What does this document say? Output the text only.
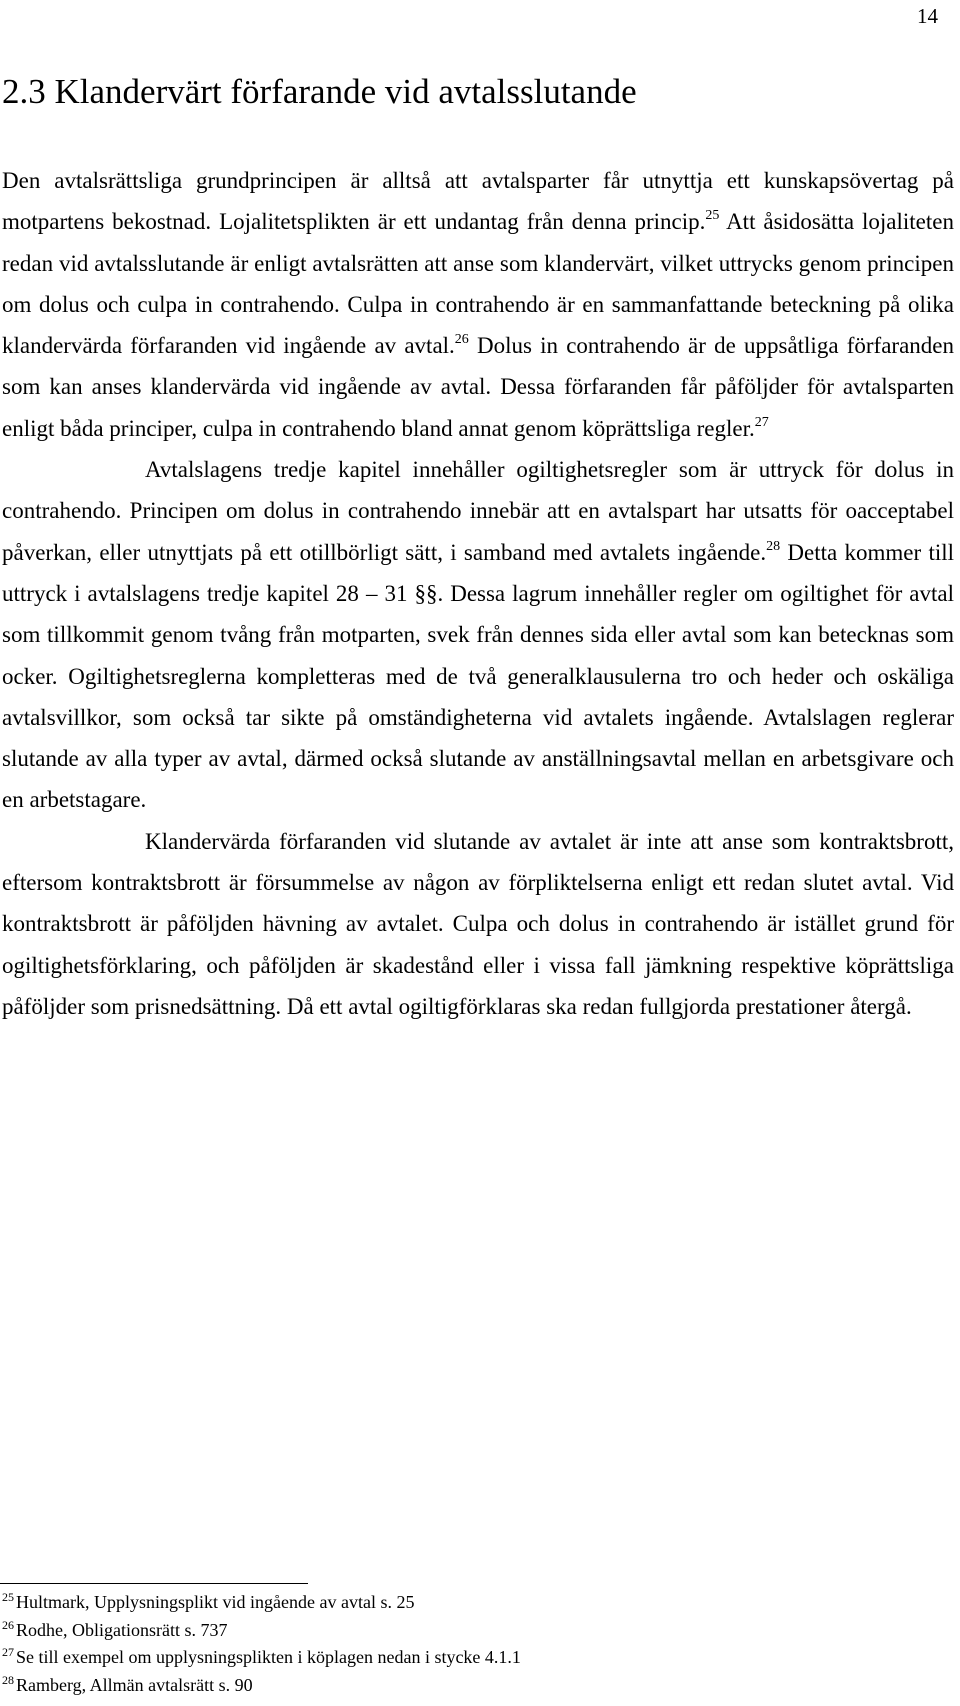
14
2.3 Klandervärt förfarande vid avtalsslutande

Den avtalsrättsliga grundprincipen är alltså att avtalsparter får utnyttja ett kunskapsövertag på motpartens bekostnad. Lojalitetsplikten är ett undantag från denna princip.$^{25}$ Att åsidosätta lojaliteten redan vid avtalsslutande är enligt avtalsrätten att anse som klandervärt, vilket uttrycks genom principen om dolus och culpa in contrahendo. Culpa in contrahendo är en sammanfattande beteckning på olika klandervärda förfaranden vid ingående av avtal.$^{26}$ Dolus in contrahendo är de uppsåtliga förfaranden som kan anses klandervärda vid ingående av avtal. Dessa förfaranden får påföljder för avtalsparten enligt båda principer, culpa in contrahendo bland annat genom köprättsliga regler.$^{27}$

Avtalslagens tredje kapitel innehåller ogiltighetsregler som är uttryck för dolus in contrahendo. Principen om dolus in contrahendo innebär att en avtalspart har utsatts för oacceptabel påverkan, eller utnyttjats på ett otillbörligt sätt, i samband med avtalets ingående.$^{28}$ Detta kommer till uttryck i avtalslagens tredje kapitel 28 – 31 §§. Dessa lagrum innehåller regler om ogiltighet för avtal som tillkommit genom tvång från motparten, svek från dennes sida eller avtal som kan betecknas som ocker. Ogiltighetsreglerna kompletteras med de två generalklausulerna tro och heder och oskäliga avtalsvillkor, som också tar sikte på omständigheterna vid avtalets ingående. Avtalslagen reglerar slutande av alla typer av avtal, därmed också slutande av anställningsavtal mellan en arbetsgivare och en arbetstagare.

Klandervärda förfaranden vid slutande av avtalet är inte att anse som kontraktsbrott, eftersom kontraktsbrott är försummelse av någon av förpliktelserna enligt ett redan slutet avtal. Vid kontraktsbrott är påföljden hävning av avtalet. Culpa och dolus in contrahendo är istället grund för ogiltighetsförklaring, och påföljden är skadestånd eller i vissa fall jämkning respektive köprättsliga påföljder som prisnedsättning. Då ett avtal ogiltigförklaras ska redan fullgjorda prestationer återgå.

$^{25}$ Hultmark, Upplysningsplikt vid ingående av avtal s. 25
$^{26}$ Rodhe, Obligationsrätt s. 737
$^{27}$ Se till exempel om upplysningsplikten i köplagen nedan i stycke 4.1.1
$^{28}$ Ramberg, Allmän avtalsrätt s. 90
